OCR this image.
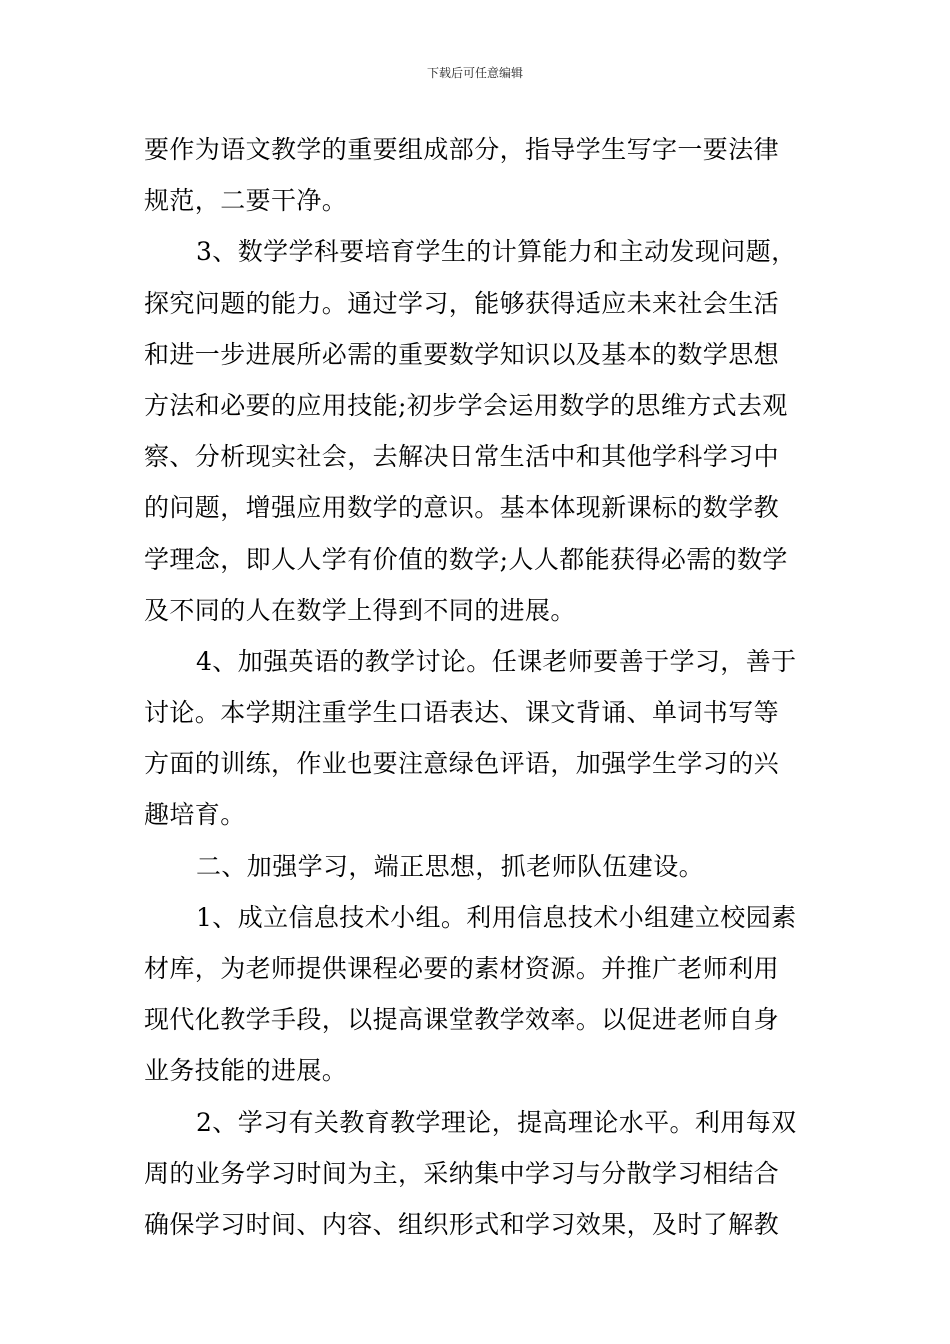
下载后可任意编辑
要作为语文教学的重要组成部分，指导学生写字一要法律
规范，二要干净。
3、数学学科要培育学生的计算能力和主动发现问题，
探究问题的能力。通过学习，能够获得适应未来社会生活
和进一步进展所必需的重要数学知识以及基本的数学思想
方法和必要的应用技能;初步学会运用数学的思维方式去观
察、分析现实社会，去解决日常生活中和其他学科学习中
的问题，增强应用数学的意识。基本体现新课标的数学教
学理念，即人人学有价值的数学;人人都能获得必需的数学
及不同的人在数学上得到不同的进展。
4、加强英语的教学讨论。任课老师要善于学习，善于
讨论。本学期注重学生口语表达、课文背诵、单词书写等
方面的训练，作业也要注意绿色评语，加强学生学习的兴
趣培育。
二、加强学习，端正思想，抓老师队伍建设。
1、成立信息技术小组。利用信息技术小组建立校园素
材库，为老师提供课程必要的素材资源。并推广老师利用
现代化教学手段，以提高课堂教学效率。以促进老师自身
业务技能的进展。
2、学习有关教育教学理论，提高理论水平。利用每双
周的业务学习时间为主，采纳集中学习与分散学习相结合
确保学习时间、内容、组织形式和学习效果，及时了解教
